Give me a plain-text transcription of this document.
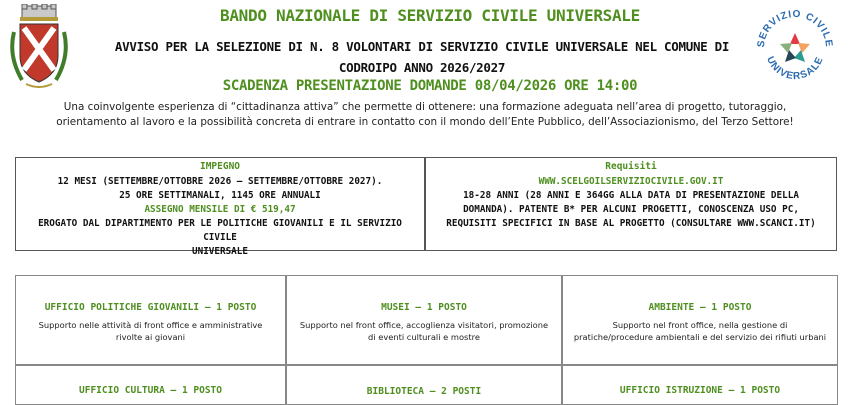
BANDO NAZIONALE DI SERVIZIO CIVILE UNIVERSALE
AVVISO PER LA SELEZIONE DI N. 8 VOLONTARI DI SERVIZIO CIVILE UNIVERSALE NEL COMUNE DI
CODROIPO ANNO 2026/2027
SCADENZA PRESENTAZIONE DOMANDE 08/04/2026 ORE 14:00
SERVIZIO CIVILE
UNIVERSALE
Una coinvolgente esperienza di “cittadinanza attiva” che permette di ottenere: una formazione adeguata nell’area di progetto, tutoraggio,
orientamento al lavoro e la possibilità concreta di entrare in contatto con il mondo dell’Ente Pubblico, dell’Associazionismo, del Terzo Settore!
IMPEGNO
12 MESI (SETTEMBRE/OTTOBRE 2026 – SETTEMBRE/OTTOBRE 2027).
25 ORE SETTIMANALI, 1145 ORE ANNUALI
ASSEGNO MENSILE DI € 519,47
EROGATO DAL DIPARTIMENTO PER LE POLITICHE GIOVANILI E IL SERVIZIO CIVILE
UNIVERSALE
Requisiti
WWW.SCELGOILSERVIZIOCIVILE.GOV.IT
18-28 ANNI (28 ANNI E 364GG ALLA DATA DI PRESENTAZIONE DELLA
DOMANDA). PATENTE B* PER ALCUNI PROGETTI, CONOSCENZA USO PC,
REQUISITI SPECIFICI IN BASE AL PROGETTO (CONSULTARE WWW.SCANCI.IT)
UFFICIO POLITICHE GIOVANILI – 1 POSTO
Supporto nelle attività di front office e amministrative rivolte ai giovani
MUSEI – 1 POSTO
Supporto nel front office, accoglienza visitatori, promozione di eventi culturali e mostre
AMBIENTE – 1 POSTO
Supporto nel front office, nella gestione di pratiche/procedure ambientali e del servizio dei rifiuti urbani
UFFICIO CULTURA – 1 POSTO	BIBLIOTECA – 2 POSTI	UFFICIO ISTRUZIONE – 1 POSTO
